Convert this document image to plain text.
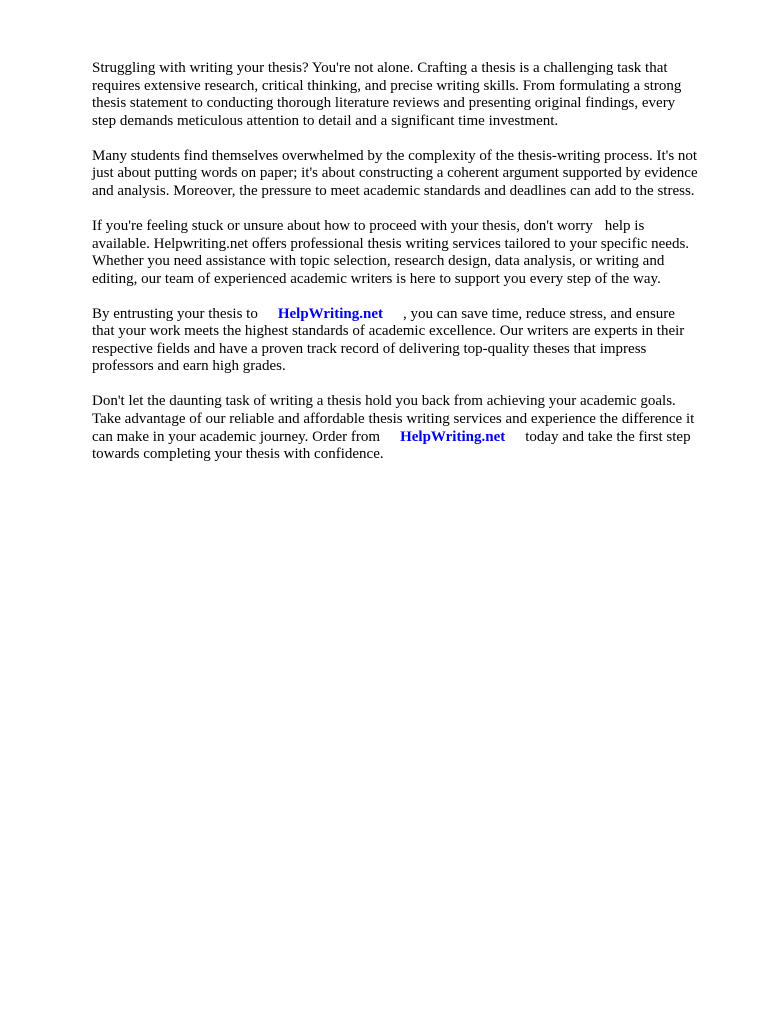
Struggling with writing your thesis? You're not alone. Crafting a thesis is a challenging task that
requires extensive research, critical thinking, and precise writing skills. From formulating a strong
thesis statement to conducting thorough literature reviews and presenting original findings, every
step demands meticulous attention to detail and a significant time investment.

Many students find themselves overwhelmed by the complexity of the thesis-writing process. It's not
just about putting words on paper; it's about constructing a coherent argument supported by evidence
and analysis. Moreover, the pressure to meet academic standards and deadlines can add to the stress.

If you're feeling stuck or unsure about how to proceed with your thesis, don't worry help is
available. Helpwriting.net offers professional thesis writing services tailored to your specific needs.
Whether you need assistance with topic selection, research design, data analysis, or writing and
editing, our team of experienced academic writers is here to support you every step of the way.

By entrusting your thesis to HelpWriting.net , you can save time, reduce stress, and ensure
that your work meets the highest standards of academic excellence. Our writers are experts in their
respective fields and have a proven track record of delivering top-quality theses that impress
professors and earn high grades.

Don't let the daunting task of writing a thesis hold you back from achieving your academic goals.
Take advantage of our reliable and affordable thesis writing services and experience the difference it
can make in your academic journey. Order from HelpWriting.net today and take the first step
towards completing your thesis with confidence.
